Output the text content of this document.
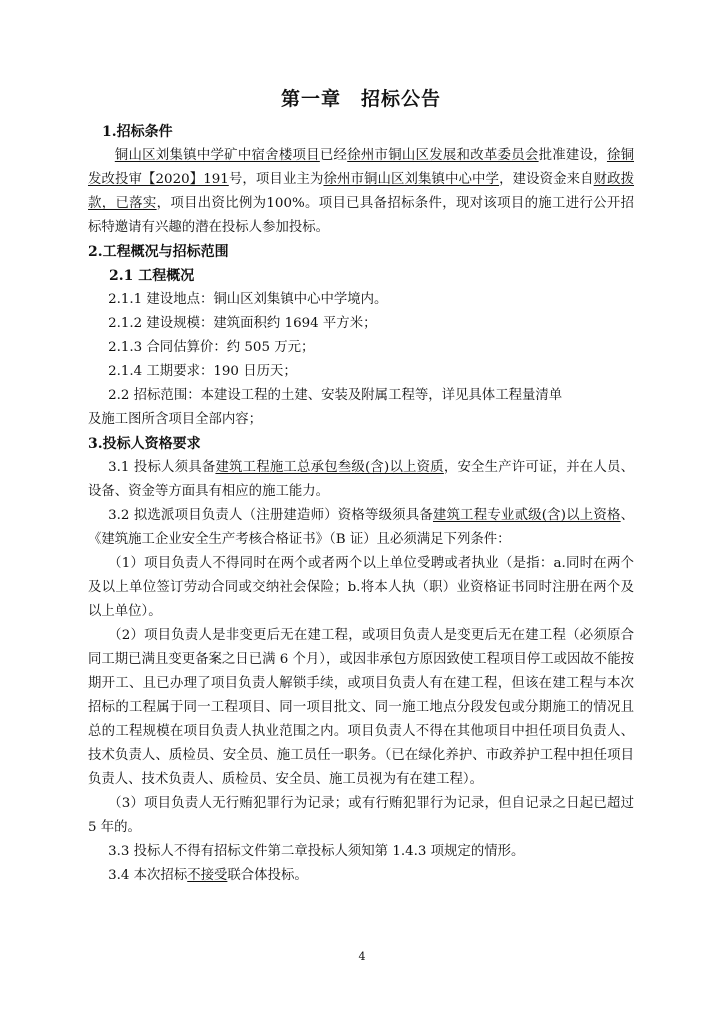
第一章　招标公告
1.招标条件

铜山区刘集镇中学矿中宿舍楼项目已经徐州市铜山区发展和改革委员会批准建设，徐铜发改投审【2020】191号，项目业主为徐州市铜山区刘集镇中心中学，建设资金来自财政拨款，已落实，项目出资比例为100%。项目已具备招标条件，现对该项目的施工进行公开招标特邀请有兴趣的潜在投标人参加投标。

2.工程概况与招标范围
2.1 工程概况

2.1.1 建设地点：铜山区刘集镇中心中学境内。

2.1.2 建设规模：建筑面积约 1694 平方米；

2.1.3 合同估算价：约 505 万元；

2.1.4 工期要求：190 日历天；

2.2 招标范围：本建设工程的土建、安装及附属工程等，详见具体工程量清单

及施工图所含项目全部内容；

3.投标人资格要求

3.1 投标人须具备建筑工程施工总承包叁级(含)以上资质，安全生产许可证，并在人员、设备、资金等方面具有相应的施工能力。

3.2 拟选派项目负责人（注册建造师）资格等级须具备建筑工程专业贰级(含)以上资格、《建筑施工企业安全生产考核合格证书》（B 证）且必须满足下列条件：

（1）项目负责人不得同时在两个或者两个以上单位受聘或者执业（是指：a.同时在两个及以上单位签订劳动合同或交纳社会保险；b.将本人执（职）业资格证书同时注册在两个及以上单位）。

（2）项目负责人是非变更后无在建工程，或项目负责人是变更后无在建工程（必须原合同工期已满且变更备案之日已满 6 个月），或因非承包方原因致使工程项目停工或因故不能按期开工、且已办理了项目负责人解锁手续，或项目负责人有在建工程，但该在建工程与本次招标的工程属于同一工程项目、同一项目批文、同一施工地点分段发包或分期施工的情况且总的工程规模在项目负责人执业范围之内。项目负责人不得在其他项目中担任项目负责人、技术负责人、质检员、安全员、施工员任一职务。（已在绿化养护、市政养护工程中担任项目负责人、技术负责人、质检员、安全员、施工员视为有在建工程）。

（3）项目负责人无行贿犯罪行为记录；或有行贿犯罪行为记录，但自记录之日起已超过 5 年的。

3.3 投标人不得有招标文件第二章投标人须知第 1.4.3 项规定的情形。

3.4 本次招标不接受联合体投标。

4
